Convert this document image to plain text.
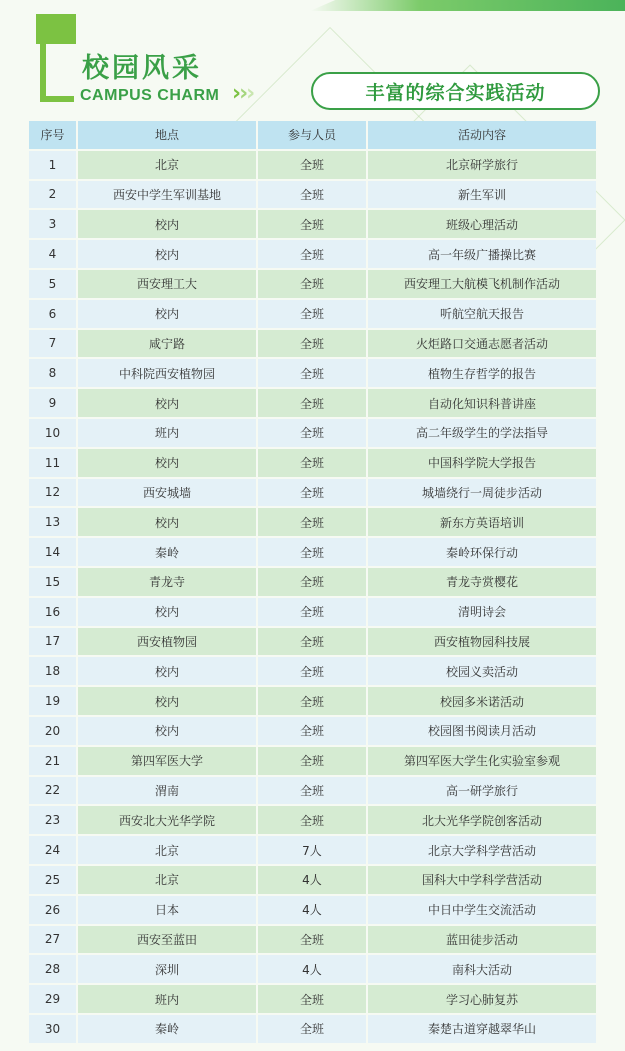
校园风采
CAMPUS CHARM ›››	丰富的综合实践活动
序号	地点	参与人员	活动内容
1	北京	全班	北京研学旅行
2	西安中学生军训基地	全班	新生军训
3	校内	全班	班级心理活动
4	校内	全班	高一年级广播操比赛
5	西安理工大	全班	西安理工大航模飞机制作活动
6	校内	全班	听航空航天报告
7	咸宁路	全班	火炬路口交通志愿者活动
8	中科院西安植物园	全班	植物生存哲学的报告
9	校内	全班	自动化知识科普讲座
10	班内	全班	高二年级学生的学法指导
11	校内	全班	中国科学院大学报告
12	西安城墙	全班	城墙绕行一周徒步活动
13	校内	全班	新东方英语培训
14	秦岭	全班	秦岭环保行动
15	青龙寺	全班	青龙寺赏樱花
16	校内	全班	清明诗会
17	西安植物园	全班	西安植物园科技展
18	校内	全班	校园义卖活动
19	校内	全班	校园多米诺活动
20	校内	全班	校园图书阅读月活动
21	第四军医大学	全班	第四军医大学生化实验室参观
22	渭南	全班	高一研学旅行
23	西安北大光华学院	全班	北大光华学院创客活动
24	北京	7人	北京大学科学营活动
25	北京	4人	国科大中学科学营活动
26	日本	4人	中日中学生交流活动
27	西安至蓝田	全班	蓝田徒步活动
28	深圳	4人	南科大活动
29	班内	全班	学习心肺复苏
30	秦岭	全班	秦楚古道穿越翠华山
